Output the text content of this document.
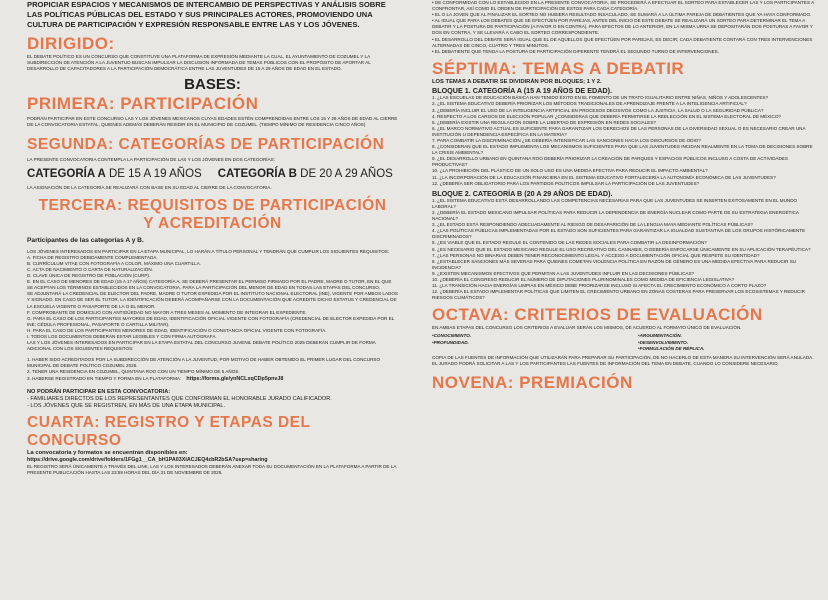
PROPICIAR ESPACIOS Y MECANISMOS DE INTERCAMBIO DE PERSPECTIVAS Y ANÁLISIS SOBRE LAS POLÍTICAS PÚBLICAS DEL ESTADO Y SUS PRINCIPALES ACTORES, PROMOVIENDO UNA CULTURA DE PARTICIPACIÓN Y EXPRESIÓN RESPONSABLE ENTRE LAS Y LOS JÓVENES.

DIRIGIDO:

EL DEBATE POLÍTICO ES UN CONCURSO QUE CONSTITUYE UNA PLATAFORMA DE EXPRESIÓN MEDIANTE LA CUAL, EL AYUNTAMIENTO DE COZUMEL Y LA SUBDIRECCIÓN DE ATENCIÓN A LA JUVENTUD BUSCAN IMPULSAR LA DISCUSIÓN INFORMADA DE TEMAS PÚBLICOS CON EL PROPÓSITO DE APORTAR AL DESARROLLO DE CAPACITADORES A LA PARTICIPACIÓN DEMOCRÁTICA ENTRE LAS JUVENTUDES DE 15 A 29 AÑOS DE EDAD EN EL ESTADO.

BASES:

PRIMERA: PARTICIPACIÓN

PODRÁN PARTICIPAR EN ESTE CONCURSO LAS Y LOS JÓVENES MEXICANOS CUYAS EDADES ESTÉN COMPRENDIDAS ENTRE LOS 15 Y 29 AÑOS DE EDAD AL CIERRE DE LA CONVOCATORIA ESTATAL, QUIENES ADEMÁS DEBERÁN RESIDIR EN EL MUNICIPIO DE COZUMEL. (TIEMPO MÍNIMO DE RESIDENCIA CINCO AÑOS)

SEGUNDA: CATEGORÍAS DE PARTICIPACIÓN

LA PRESENTE CONVOCATORIA CONTEMPLA LA PARTICIPACIÓN DE LAS Y LOS JÓVENES EN DOS CATEGORÍAS:

CATEGORÍA A DE 15 A 19 AÑOS CATEGORÍA B DE 20 A 29 AÑOS

LA ASIGNACIÓN DE LA CATEGORÍA SE REALIZARÁ CON BASE EN SU EDAD AL CIERRE DE LA CONVOCATORIA.

TERCERA: REQUISITOS DE PARTICIPACIÓN

Y ACREDITACIÓN

Participantes de las categorías A y B.

LOS JÓVENES INTERESADOS EN PARTICIPAR EN LA ETAPA MUNICIPAL, LO HARÁN A TÍTULO PERSONAL Y TENDRÁN QUE CUMPLIR LOS SIGUIENTES REQUISITOS:

A. FICHA DE REGISTRO DEBIDAMENTE COMPLEMENTADA.

B. CURRÍCULUM VITAE CON FOTOGRAFÍA A COLOR, MÁXIMO UNA CUARTILLA.

C. ACTA DE NACIMIENTO O CARTA DE NATURALIZACIÓN.

D. CLAVE ÚNICA DE REGISTRO DE POBLACIÓN (CURP).

E. EN EL CASO DE MENORES DE EDAD (15 A 17 AÑOS) CATEGORÍA A, SE DEBERÁ PRESENTAR EL PERMISO FIRMADO POR EL PADRE, MADRE O TUTOR, EN EL QUE SE ACEPTAN LOS TÉRMINOS ESTABLECIDOS EN LA CONVOCATORIA, PARA LA PARTICIPACIÓN DEL MENOR DE EDAD EN TODAS LAS ETAPAS DEL CONCURSO.

SE ADJUNTARÁ LA CREDENCIAL DE ELECTOR DEL PADRE, MADRE O TUTOR EXPEDIDA POR EL INSTITUTO NACIONAL ELECTORAL (INE), VIGENTE POR AMBOS LADOS Y SIGNADO. EN CASO DE SER EL TUTOR, LA IDENTIFICACIÓN DEBERÁ ACOMPAÑARSE CON LA DOCUMENTACIÓN QUE ACREDITE DICHO ESTATUS Y CREDENCIAL DE LA ESCUELA VIGENTE O PASAPORTE DE LA O EL MENOR.

F. COMPROBANTE DE DOMICILIO CON ANTIGÜEDAD NO MAYOR A TRES MESES AL MOMENTO DE INTEGRAR EL EXPEDIENTE.

G. PARA EL CASO DE LOS PARTICIPANTES MAYORES DE EDAD, IDENTIFICACIÓN OFICIAL VIGENTE CON FOTOGRAFÍA (CREDENCIAL DE ELECTOR EXPEDIDA POR EL INE; CÉDULA PROFESIONAL, PASAPORTE O CARTILLA MILITAR).

H. PARA EL CASO DE LOS PARTICIPANTES MENORES DE EDAD, IDENTIFICACIÓN O CONSTANCIA OFICIAL VIGENTE CON FOTOGRAFÍA.

I. TODOS LOS DOCUMENTOS DEBERÁN ESTAR LEGIBLES Y CON FIRMA AUTÓGRAFA.

LAS Y LOS JÓVENES INTERESADOS EN PARTICIPAR EN LA ETAPA ESTATAL DEL CONCURSO JUVENIL DEBATE POLÍTICO 2025 DEBERÁN CUMPLIR DE FORMA ADICIONAL CON LOS SIGUIENTES REQUISITOS:

1. HABER SIDO ACREDITADOS POR LA SUBDIRECCIÓN DE ATENCIÓN A LA JUVENTUD, POR MOTIVO DE HABER OBTENIDO EL PRIMER LUGAR DEL CONCURSO MUNICIPAL DE DEBATE POLÍTICO COZUMEL 2025.

2. TENER UNA RESIDENCIA EN COZUMEL, QUINTANA ROO CON UN TIEMPO MÍNIMO DE 5 AÑOS.

3. HABERSE REGISTRADO EN TIEMPO Y FORMA EN LA PLATAFORMA: https://forms.gle/ynNCLxqCDp5pnvJ8

NO PODRÁN PARTICIPAR EN ESTA CONVOCATORIA:

- FAMILIARES DIRECTOS DE LOS REPRESENTANTES QUE CONFORMAN EL HONORABLE JURADO CALIFICADOR.

- LOS JÓVENES QUE SE REGISTREN, EN MÁS DE UNA ETAPA MUNICIPAL.

CUARTA: REGISTRO Y ETAPAS DEL CONCURSO

La convocatoria y formatos se encuentran disponibles en:

https://drive.google.com/drive/folders/1FGg1__CA_bH1PA03XIACJEQ4zbR2bSA?usp=sharing

EL REGISTRO SERÁ ÚNICAMENTE A TRAVÉS DEL LINK, LAS Y LOS INTERESADOS DEBERÁN ANEXAR TODA SU DOCUMENTACIÓN EN LA PLATAFORMA A PARTIR DE LA PRESENTE PUBLICACIÓN HASTA LAS 23:59 HORAS DEL DÍA 31 DE NOVIEMBRE DE 2025.

• DE CONFORMIDAD CON LO ESTABLECIDO EN LA PRESENTE CONVOCATORIA, SE PROCEDERÁ A EFECTUAR EL SORTEO PARA ESTABLECER LAS Y LOS PARTICIPANTES A CONFRONTAR, ASÍ COMO EL ORDEN DE PARTICIPACIÓN DE ESTOS PARA CADA CATEGORÍA.

• EL O LA JOVEN QUE AL FINALIZAR EL SORTEO NO HUBIERA RESULTADO INSACULADO, SE SUMARÁ A LA ÚLTIMA PAREJA DE DEBATIENTES QUE YA HAYA CONFORMADO.

• AL IGUAL QUE PARA LOS DEBATES QUE SE EFECTÚEN POR PAREJAS, ANTES DEL INICIO DE ESTE DEBATE SE REALIZARÁ UN SORTEO PARA DETERMINAR EL TEMA A DEBATIR Y LA POSTURA DE PARTICIPACIÓN (A FAVOR O EN CONTRA). PARA EFECTOS DE LO ANTERIOR, EN LA MISMA URNA SE DEPOSITARÁN DOS POSTURAS A FAVOR Y DOS EN CONTRA, Y SE LLEVARÁ A CABO EL SORTEO CORRESPONDIENTE.

• EL DESARROLLO DEL DEBATE SERÁ IGUAL QUE EL DE AQUELLOS QUE EFECTÚEN POR PAREJAS, ES DECIR; CADA DEBATIENTE CONTARÁ CON TRES INTERVENCIONES ALTERNADAS DE CINCO, CUATRO Y TRES MINUTOS.

• EL DEBATIENTE QUE TENGA LA POSTURA DE PARTICIPACIÓN DIFERENTE TENDRÁ EL SEGUNDO TURNO DE INTERVENCIONES.

SÉPTIMA: TEMAS A DEBATIR

LOS TEMAS A DEBATIR SE DIVIDIRÁN POR BLOQUES; 1 Y 2.

BLOQUE 1. CATEGORÍA A (15 A 19 AÑOS DE EDAD).

1. ¿LAS ESCUELAS DE EDUCACIÓN BÁSICA HAN TENIDO ÉXITO EN EL FOMENTO DE UN TRATO IGUALITARIO ENTRE NIÑAS, NIÑOS Y ADOLESCENTES?

2. ¿EL SISTEMA EDUCATIVO DEBERÍA PRIORIZAR LOS MÉTODOS TRADICIONALES DE APRENDIZAJE FRENTE A LA INTELIGENCIA ARTIFICIAL?

3. ¿DEBERÍA INCLUIR EL USO DE LA INTELIGENCIA ARTIFICIAL EN PROCESOS DECISIVOS COMO LA JUSTICIA, LA SALUD O LA SEGURIDAD PÚBLICA?

4. RESPECTO A LOS CARGOS DE ELECCIÓN POPULAR ¿CONSIDERAS QUE DEBERÍA PERMITIRSE LA REELECCIÓN EN EL SISTEMA ELECTORAL DE MÉXICO?

5. ¿DEBERÍA EXISTIR UNA REGULACIÓN SOBRE LA LIBERTAD DE EXPRESIÓN EN REDES SOCIALES?

6. ¿EL MARCO NORMATIVO ACTUAL ES SUFICIENTE PARA GARANTIZAR LOS DERECHOS DE LAS PERSONAS DE LA DIVERSIDAD SEXUAL O ES NECESARIO CREAR UNA INSTITUCIÓN U DEPENDENCIA ESPECÍFICA EN LA MATERIA?

7. PARA COMBATIR LA DISCRIMINACIÓN ¿SE DEBERÍA INTENSIFICAR LAS SANCIONES HACIA LOS DISCURSOS DE ODIO?

8. ¿CONSIDERAN QUE EL ESTADO IMPLEMENTA LOS MECANISMOS SUFICIENTES PARA QUE LAS JUVENTUDES INCIDAN REALMENTE EN LA TOMA DE DECISIONES SOBRE LA CRISIS AMBIENTAL?

9. ¿EL DESARROLLO URBANO EN QUINTANA ROO DEBERÍA PRIORIZAR LA CREACIÓN DE PARQUES Y ESPACIOS PÚBLICOS INCLUSO A COSTA DE ACTIVIDADES PRODUCTIVAS?

10. ¿LA PROHIBICIÓN DEL PLÁSTICO DE UN SOLO USO ES UNA MEDIDA EFECTIVA PARA REDUCIR EL IMPACTO AMBIENTAL?

11. ¿LA INCORPORACIÓN DE LA EDUCACIÓN FINANCIERA EN EL SISTEMA EDUCATIVO FORTALECERÍA LA AUTONOMÍA ECONÓMICA DE LAS JUVENTUDES?

12. ¿DEBERÍA SER OBLIGATORIO PARA LOS PARTIDOS POLÍTICOS IMPULSAR LA PARTICIPACIÓN DE LAS JUVENTUDES?

BLOQUE 2. CATEGORÍA B (20 A 29 AÑOS DE EDAD).

1. ¿EL SISTEMA EDUCATIVO ESTÁ DESARROLLANDO LAS COMPETENCIAS NECESARIAS PARA QUE LAS JUVENTUDES SE INSERTEN EXITOSAMENTE EN EL MUNDO LABORAL?

2. ¿DEBERÍA EL ESTADO MEXICANO IMPULSAR POLÍTICAS PARA REDUCIR LA DEPENDENCIA DE ENERGÍA NUCLEAR COMO PARTE DE SU ESTRATEGIA ENERGÉTICA NACIONAL?

3. ¿EL ESTADO ESTÁ RESPONDIENDO ADECUADAMENTE AL RIESGO DE DESAPARICIÓN DE LA LENGUA MAYA MEDIANTE POLÍTICAS PÚBLICAS?

4. ¿LAS POLÍTICAS PÚBLICAS IMPLEMENTADAS POR EL ESTADO SON SUFICIENTES PARA GARANTIZAR LA IGUALDAD SUSTANTIVA DE LOS GRUPOS HISTÓRICAMENTE DISCRIMINADOS?

5. ¿ES VIABLE QUE EL ESTADO REGULE EL CONTENIDO DE LAS REDES SOCIALES PARA COMBATIR LA DESINFORMACIÓN?

6. ¿ES NECESARIO QUE EL ESTADO MEXICANO REGULE EL USO RECREATIVO DEL CANNABIS, O DEBERÍA ENFOCARSE ÚNICAMENTE EN SU APLICACIÓN TERAPÉUTICA?

7. ¿LAS PERSONAS NO BINARIAS DEBEN TENER RECONOCIMIENTO LEGAL Y ACCESO A DOCUMENTACIÓN OFICIAL QUE RESPETE SU IDENTIDAD?

8. ¿ESTABLECER SANCIONES MÁS SEVERAS PARA QUIENES COMETAN VIOLENCIA POLÍTICA EN RAZÓN DE GÉNERO ES UNA MEDIDA EFECTIVA PARA REDUCIR SU INCIDENCIA?

9. ¿EXISTEN MECANISMOS EFECTIVOS QUE PERMITAN A LAS JUVENTUDES INFLUIR EN LAS DECISIONES PÚBLICAS?

10. ¿DEBERÍA EL CONGRESO REDUCIR EL NÚMERO DE DIPUTACIONES PLURINOMINALES COMO MEDIDA DE EFICIENCIA LEGISLATIVA?

11. ¿LA TRANSICIÓN HACIA ENERGÍAS LIMPIAS EN MÉXICO DEBE PRIORIZARSE INCLUSO SI AFECTA EL CRECIMIENTO ECONÓMICO A CORTO PLAZO?

12. ¿DEBERÍA EL ESTADO IMPLEMENTAR POLÍTICAS QUE LIMITEN EL CRECIMIENTO URBANO EN ZONAS COSTERAS PARA PRESERVAR LOS ECOSISTEMAS Y REDUCIR RIESGOS CLIMÁTICOS?

OCTAVA: CRITERIOS DE EVALUACIÓN

EN AMBAS ETAPAS DEL CONCURSO LOS CRITERIOS A EVALUAR SERÁN LOS MISMOS, DE ACUERDO AL FORMATO ÚNICO DE EVALUACIÓN.

•CONOCIMIENTO.

•PROFUNDIDAD.

•ARGUMENTACIÓN.

•DESENVOLVIMIENTO.

•FORMULACIÓN DE RÉPLICA.

COPIA DE LAS FUENTES DE INFORMACIÓN QUE UTILIZARÁN PARA PREPARAR SU PARTICIPACIÓN, DE NO HACERLO DE ESTA MANERA SU INTERVENCIÓN SERÁ ANULADA. EL JURADO PODRÁ SOLICITAR A LAS Y LOS PARTICIPANTES LAS FUENTES DE INFORMACIÓN DEL TEMA EN DEBATE, CUANDO LO CONSIDERE NECESARIO.

NOVENA: PREMIACIÓN
